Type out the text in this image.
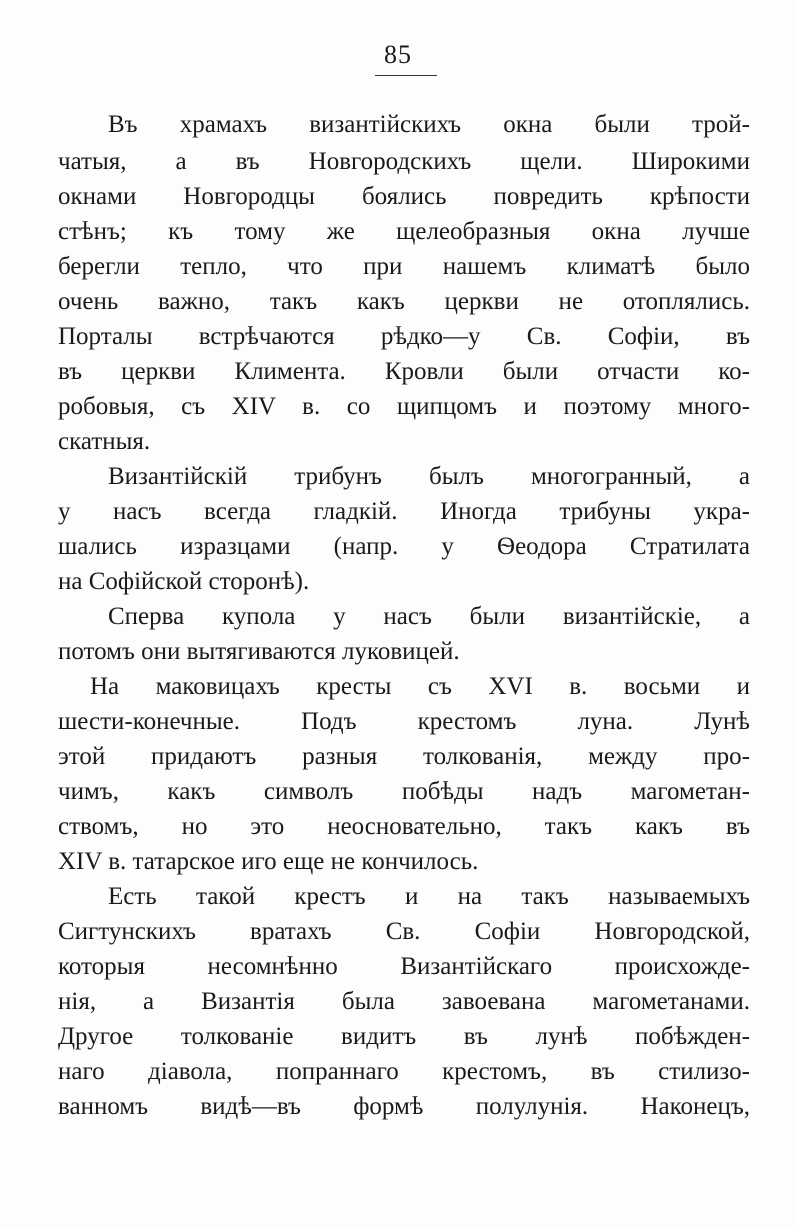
85
Въ храмахъ византійскихъ окна были трой-
чатыя, а въ Новгородскихъ щели. Широкими
окнами Новгородцы боялись повредить крѣпости
стѣнъ; къ тому же щелеобразныя окна лучше
берегли тепло, что при нашемъ климатѣ было
очень важно, такъ какъ церкви не отоплялись.
Порталы встрѣчаются рѣдко—у Св. Софіи, въ
въ церкви Климента. Кровли были отчасти ко-
робовыя, съ XIV в. со щипцомъ и поэтому много-
скатныя.
Византійскій трибунъ былъ многогранный, а
у насъ всегда гладкій. Иногда трибуны укра-
шались изразцами (напр. у Ѳеодора Стратилата
на Софійской сторонѣ).
Сперва купола у насъ были византійскіе, а
потомъ они вытягиваются луковицей.
На маковицахъ кресты съ XVI в. восьми и
шести-конечные. Подъ крестомъ луна. Лунѣ
этой придаютъ разныя толкованія, между про-
чимъ, какъ символъ побѣды надъ магометан-
ствомъ, но это неосновательно, такъ какъ въ
XIV в. татарское иго еще не кончилось.
Есть такой крестъ и на такъ называемыхъ
Сигтунскихъ вратахъ Св. Софіи Новгородской,
которыя несомнѣнно Византійскаго происхожде-
нія, а Византія была завоевана магометанами.
Другое толкованіе видитъ въ лунѣ побѣжден-
наго діавола, попраннаго крестомъ, въ стилизо-
ванномъ видѣ—въ формѣ полулунія. Наконецъ,
